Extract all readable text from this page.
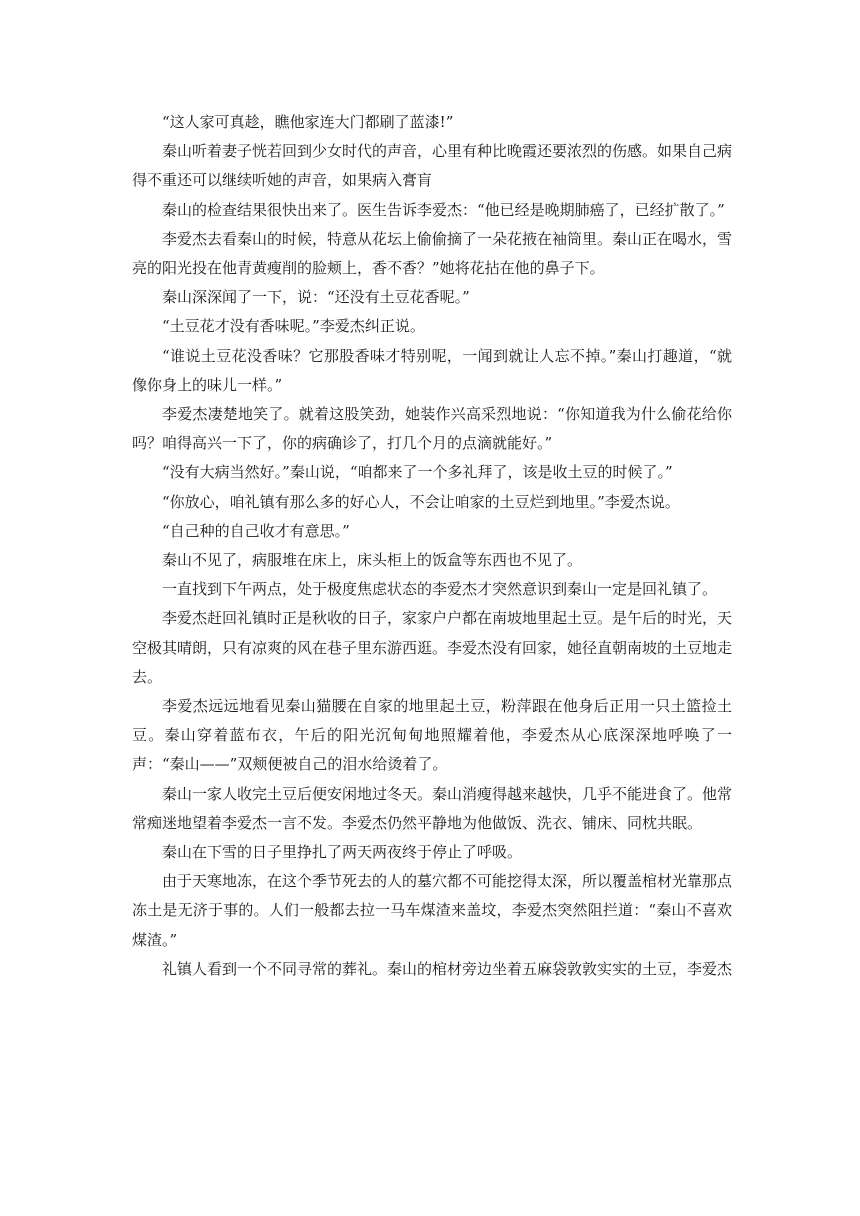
“这人家可真趁，瞧他家连大门都刷了蓝漆!”

秦山听着妻子恍若回到少女时代的声音，心里有种比晚霞还要浓烈的伤感。如果自己病得不重还可以继续听她的声音，如果病入膏肓

秦山的检查结果很快出来了。医生告诉李爱杰：“他已经是晚期肺癌了，已经扩散了。”

李爱杰去看秦山的时候，特意从花坛上偷偷摘了一朵花掖在袖筒里。秦山正在喝水，雪亮的阳光投在他青黄瘦削的脸颊上，香不香？”她将花拈在他的鼻子下。

秦山深深闻了一下，说：“还没有土豆花香呢。”

“土豆花才没有香味呢。”李爱杰纠正说。

“谁说土豆花没香味？它那股香味才特别呢，一闻到就让人忘不掉。”秦山打趣道，“就像你身上的味儿一样。”

李爱杰凄楚地笑了。就着这股笑劲，她装作兴高采烈地说：“你知道我为什么偷花给你吗？咱得高兴一下了，你的病确诊了，打几个月的点滴就能好。”

“没有大病当然好。”秦山说，“咱都来了一个多礼拜了，该是收土豆的时候了。”

“你放心，咱礼镇有那么多的好心人，不会让咱家的土豆烂到地里。”李爱杰说。

“自己种的自己收才有意思。”

秦山不见了，病服堆在床上，床头柜上的饭盒等东西也不见了。

一直找到下午两点，处于极度焦虑状态的李爱杰才突然意识到秦山一定是回礼镇了。

李爱杰赶回礼镇时正是秋收的日子，家家户户都在南坡地里起土豆。是午后的时光，天空极其晴朗，只有凉爽的风在巷子里东游西逛。李爱杰没有回家，她径直朝南坡的土豆地走去。

李爱杰远远地看见秦山猫腰在自家的地里起土豆，粉萍跟在他身后正用一只土篮捡土豆。秦山穿着蓝布衣，午后的阳光沉甸甸地照耀着他，李爱杰从心底深深地呼唤了一声：“秦山——”双颊便被自己的泪水给烫着了。

秦山一家人收完土豆后便安闲地过冬天。秦山消瘦得越来越快，几乎不能进食了。他常常痴迷地望着李爱杰一言不发。李爱杰仍然平静地为他做饭、洗衣、铺床、同枕共眠。

秦山在下雪的日子里挣扎了两天两夜终于停止了呼吸。

由于天寒地冻，在这个季节死去的人的墓穴都不可能挖得太深，所以覆盖棺材光靠那点冻土是无济于事的。人们一般都去拉一马车煤渣来盖坟，李爱杰突然阻拦道：“秦山不喜欢煤渣。”

礼镇人看到一个不同寻常的葬礼。秦山的棺材旁边坐着五麻袋敦敦实实的土豆，李爱杰
